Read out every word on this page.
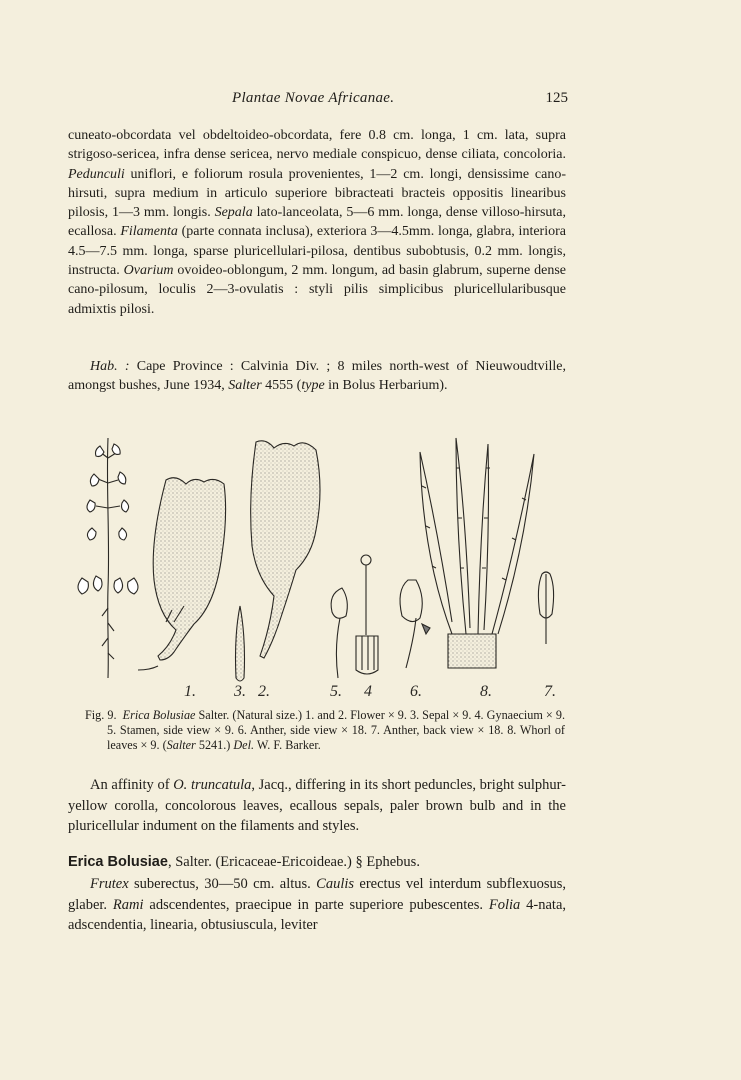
Plantae Novae Africanae.	125

cuneato-obcordata vel obdeltoideo-obcordata, fere 0.8 cm. longa, 1 cm. lata, supra strigoso-sericea, infra dense sericea, nervo mediale conspicuo, dense ciliata, concoloria. Pedunculi uniflori, e foliorum rosula provenientes, 1—2 cm. longi, densissime cano-hirsuti, supra medium in articulo superiore bibracteati bracteis oppositis linearibus pilosis, 1—3 mm. longis. Sepala lato-lanceolata, 5—6 mm. longa, dense villoso-hirsuta, ecallosa. Filamenta (parte connata inclusa), exteriora 3—4.5mm. longa, glabra, interiora 4.5—7.5 mm. longa, sparse pluricellulari-pilosa, dentibus subobtusis, 0.2 mm. longis, instructa. Ovarium ovoideo-oblongum, 2 mm. longum, ad basin glabrum, superne dense cano-pilosum, loculis 2—3-ovulatis : styli pilis simplicibus pluricellularibusque admixtis pilosi.

Hab. : Cape Province : Calvinia Div. ; 8 miles north-west of Nieuwoudtville, amongst bushes, June 1934, Salter 4555 (type in Bolus Herbarium).

1. 3. 2.	5. 4 6.	8.	7.

Fig. 9. Erica Bolusiae Salter. (Natural size.) 1. and 2. Flower × 9. 3. Sepal × 9. 4. Gynaecium × 9. 5. Stamen, side view × 9. 6. Anther, side view × 18. 7. Anther, back view × 18. 8. Whorl of leaves × 9. (Salter 5241.) Del. W. F. Barker.

An affinity of O. truncatula, Jacq., differing in its short peduncles, bright sulphur-yellow corolla, concolorous leaves, ecallous sepals, paler brown bulb and in the pluricellular indument on the filaments and styles.

Erica Bolusiae, Salter. (Ericaceae-Ericoideae.) § Ephebus.

Frutex suberectus, 30—50 cm. altus. Caulis erectus vel interdum subflexuosus, glaber. Rami adscendentes, praecipue in parte superiore pubescentes. Folia 4-nata, adscendentia, linearia, obtusiuscula, leviter
